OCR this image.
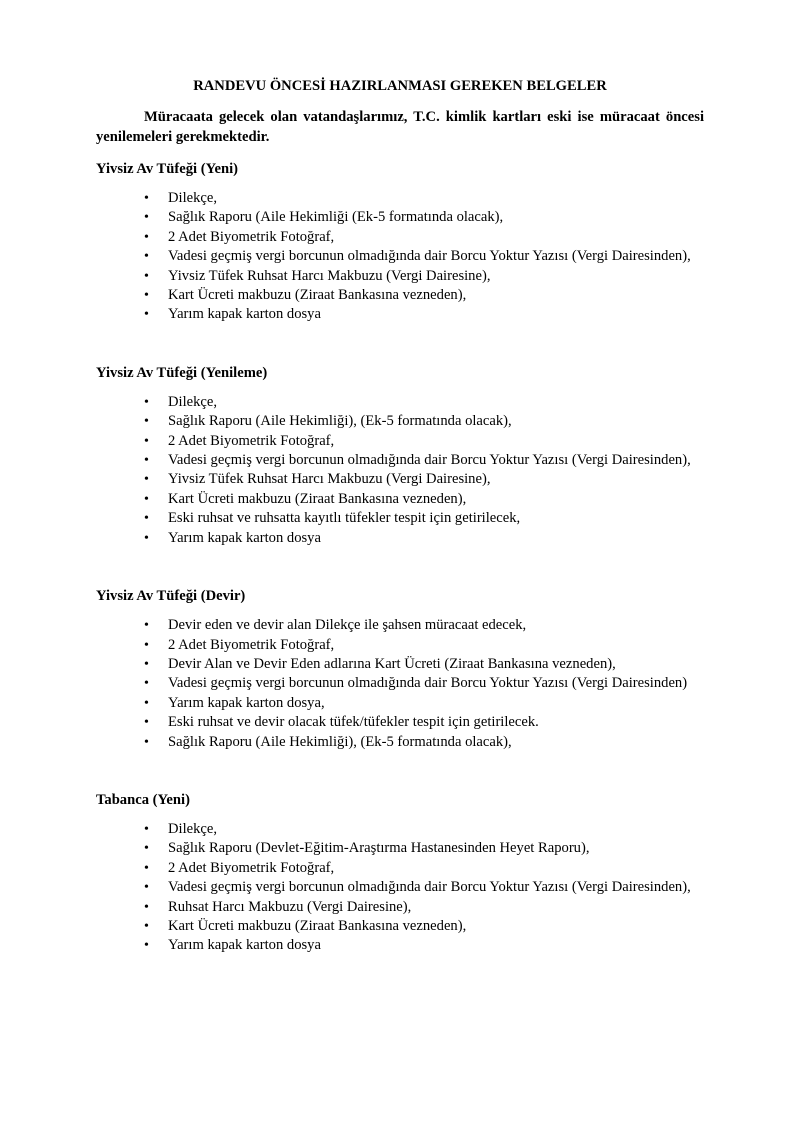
RANDEVU ÖNCESİ HAZIRLANMASI GEREKEN BELGELER
Müracaata gelecek olan vatandaşlarımız, T.C. kimlik kartları eski ise müracaat öncesi yenilemeleri gerekmektedir.
Yivsiz Av Tüfeği (Yeni)
• Dilekçe,
• Sağlık Raporu (Aile Hekimliği (Ek-5 formatında olacak),
• 2 Adet Biyometrik Fotoğraf,
• Vadesi geçmiş vergi borcunun olmadığında dair Borcu Yoktur Yazısı (Vergi Dairesinden),
• Yivsiz Tüfek Ruhsat Harcı Makbuzu (Vergi Dairesine),
• Kart Ücreti makbuzu (Ziraat Bankasına vezneden),
• Yarım kapak karton dosya
Yivsiz Av Tüfeği (Yenileme)
• Dilekçe,
• Sağlık Raporu (Aile Hekimliği), (Ek-5 formatında olacak),
• 2 Adet Biyometrik Fotoğraf,
• Vadesi geçmiş vergi borcunun olmadığında dair Borcu Yoktur Yazısı (Vergi Dairesinden),
• Yivsiz Tüfek Ruhsat Harcı Makbuzu (Vergi Dairesine),
• Kart Ücreti makbuzu (Ziraat Bankasına vezneden),
• Eski ruhsat ve ruhsatta kayıtlı tüfekler tespit için getirilecek,
• Yarım kapak karton dosya
Yivsiz Av Tüfeği (Devir)
• Devir eden ve devir alan Dilekçe ile şahsen müracaat edecek,
• 2 Adet Biyometrik Fotoğraf,
• Devir Alan ve Devir Eden adlarına Kart Ücreti (Ziraat Bankasına vezneden),
• Vadesi geçmiş vergi borcunun olmadığında dair Borcu Yoktur Yazısı (Vergi Dairesinden)
• Yarım kapak karton dosya,
• Eski ruhsat ve devir olacak tüfek/tüfekler tespit için getirilecek.
• Sağlık Raporu (Aile Hekimliği), (Ek-5 formatında olacak),
Tabanca (Yeni)
• Dilekçe,
• Sağlık Raporu (Devlet-Eğitim-Araştırma Hastanesinden Heyet Raporu),
• 2 Adet Biyometrik Fotoğraf,
• Vadesi geçmiş vergi borcunun olmadığında dair Borcu Yoktur Yazısı (Vergi Dairesinden),
• Ruhsat Harcı Makbuzu (Vergi Dairesine),
• Kart Ücreti makbuzu (Ziraat Bankasına vezneden),
• Yarım kapak karton dosya
